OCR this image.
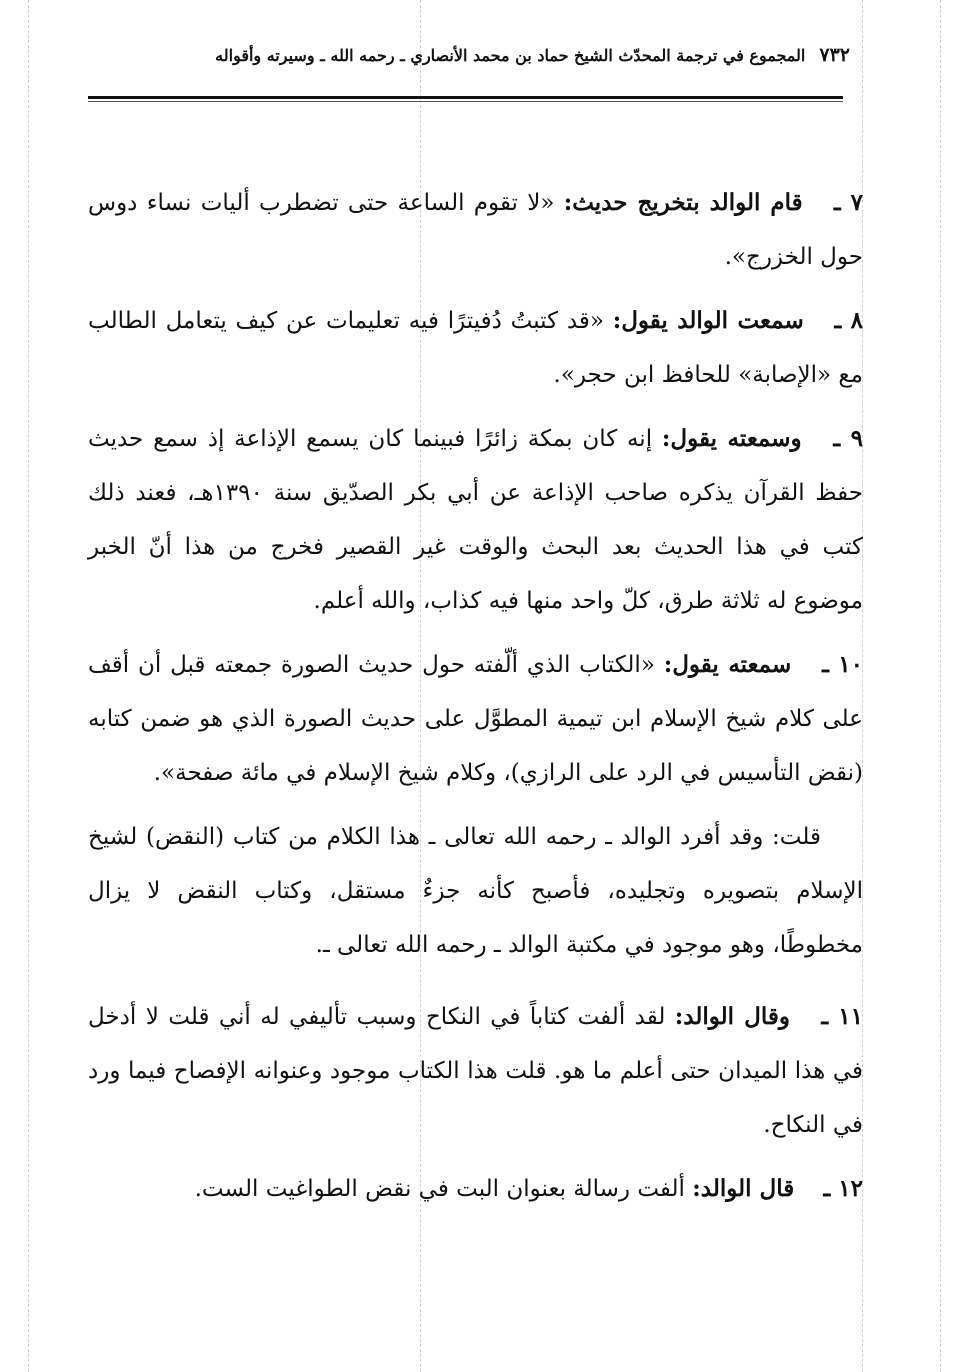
٧٣٢
المجموع في ترجمة المحدّث الشيخ حماد بن محمد الأنصاري ـ رحمه الله ـ وسيرته وأقواله

٧ ـ قام الوالد بتخريج حديث: «لا تقوم الساعة حتى تضطرب أليات نساء دوس حول الخزرج».

٨ ـ سمعت الوالد يقول: «قد كتبتُ دُفيترًا فيه تعليمات عن كيف يتعامل الطالب مع «الإصابة» للحافظ ابن حجر».

٩ ـ وسمعته يقول: إنه كان بمكة زائرًا فبينما كان يسمع الإذاعة إذ سمع حديث حفظ القرآن يذكره صاحب الإذاعة عن أبي بكر الصدّيق سنة ١٣٩٠هـ، فعند ذلك كتب في هذا الحديث بعد البحث والوقت غير القصير فخرج من هذا أنّ الخبر موضوع له ثلاثة طرق، كلّ واحد منها فيه كذاب، والله أعلم.

١٠ ـ سمعته يقول: «الكتاب الذي ألّفته حول حديث الصورة جمعته قبل أن أقف على كلام شيخ الإسلام ابن تيمية المطوَّل على حديث الصورة الذي هو ضمن كتابه (نقض التأسيس في الرد على الرازي)، وكلام شيخ الإسلام في مائة صفحة».

قلت: وقد أفرد الوالد ـ رحمه الله تعالى ـ هذا الكلام من كتاب (النقض) لشيخ الإسلام بتصويره وتجليده، فأصبح كأنه جزءٌ مستقل، وكتاب النقض لا يزال مخطوطًا، وهو موجود في مكتبة الوالد ـ رحمه الله تعالى ـ.

١١ ـ وقال الوالد: لقد ألفت كتاباً في النكاح وسبب تأليفي له أني قلت لا أدخل في هذا الميدان حتى أعلم ما هو. قلت هذا الكتاب موجود وعنوانه الإفصاح فيما ورد في النكاح.

١٢ ـ قال الوالد: ألفت رسالة بعنوان البت في نقض الطواغيت الست.
